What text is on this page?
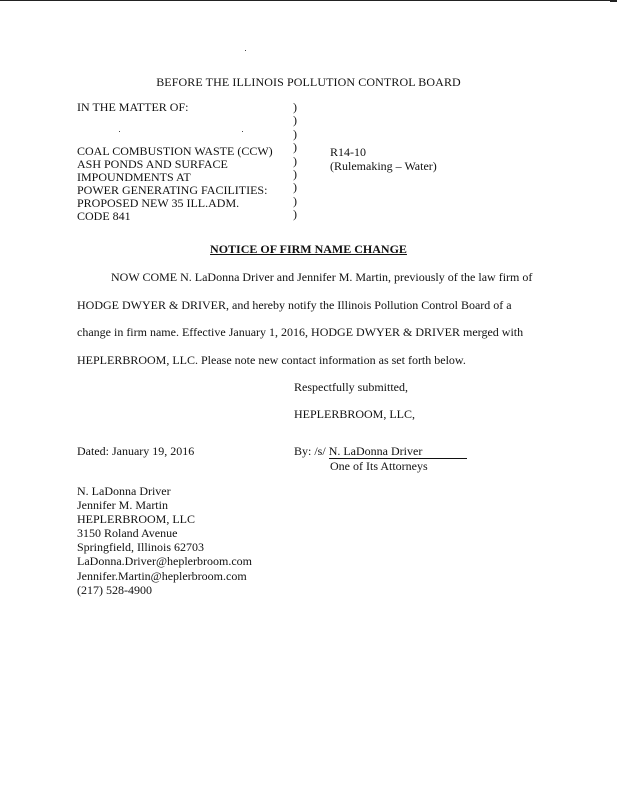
BEFORE THE ILLINOIS POLLUTION CONTROL BOARD
IN THE MATTER OF:
COAL COMBUSTION WASTE (CCW)
ASH PONDS AND SURFACE
IMPOUNDMENTS AT
POWER GENERATING FACILITIES:
PROPOSED NEW 35 ILL.ADM.
CODE 841
)
)
)
)
)
)
)
)
)
R14-10
(Rulemaking – Water)
NOTICE OF FIRM NAME CHANGE
NOW COME N. LaDonna Driver and Jennifer M. Martin, previously of the law firm of
HODGE DWYER & DRIVER, and hereby notify the Illinois Pollution Control Board of a
change in firm name. Effective January 1, 2016, HODGE DWYER & DRIVER merged with
HEPLERBROOM, LLC. Please note new contact information as set forth below.
Respectfully submitted,
HEPLERBROOM, LLC,
Dated: January 19, 2016	By: /s/ N. LaDonna Driver
One of Its Attorneys
N. LaDonna Driver
Jennifer M. Martin
HEPLERBROOM, LLC
3150 Roland Avenue
Springfield, Illinois 62703
LaDonna.Driver@heplerbroom.com
Jennifer.Martin@heplerbroom.com
(217) 528-4900
